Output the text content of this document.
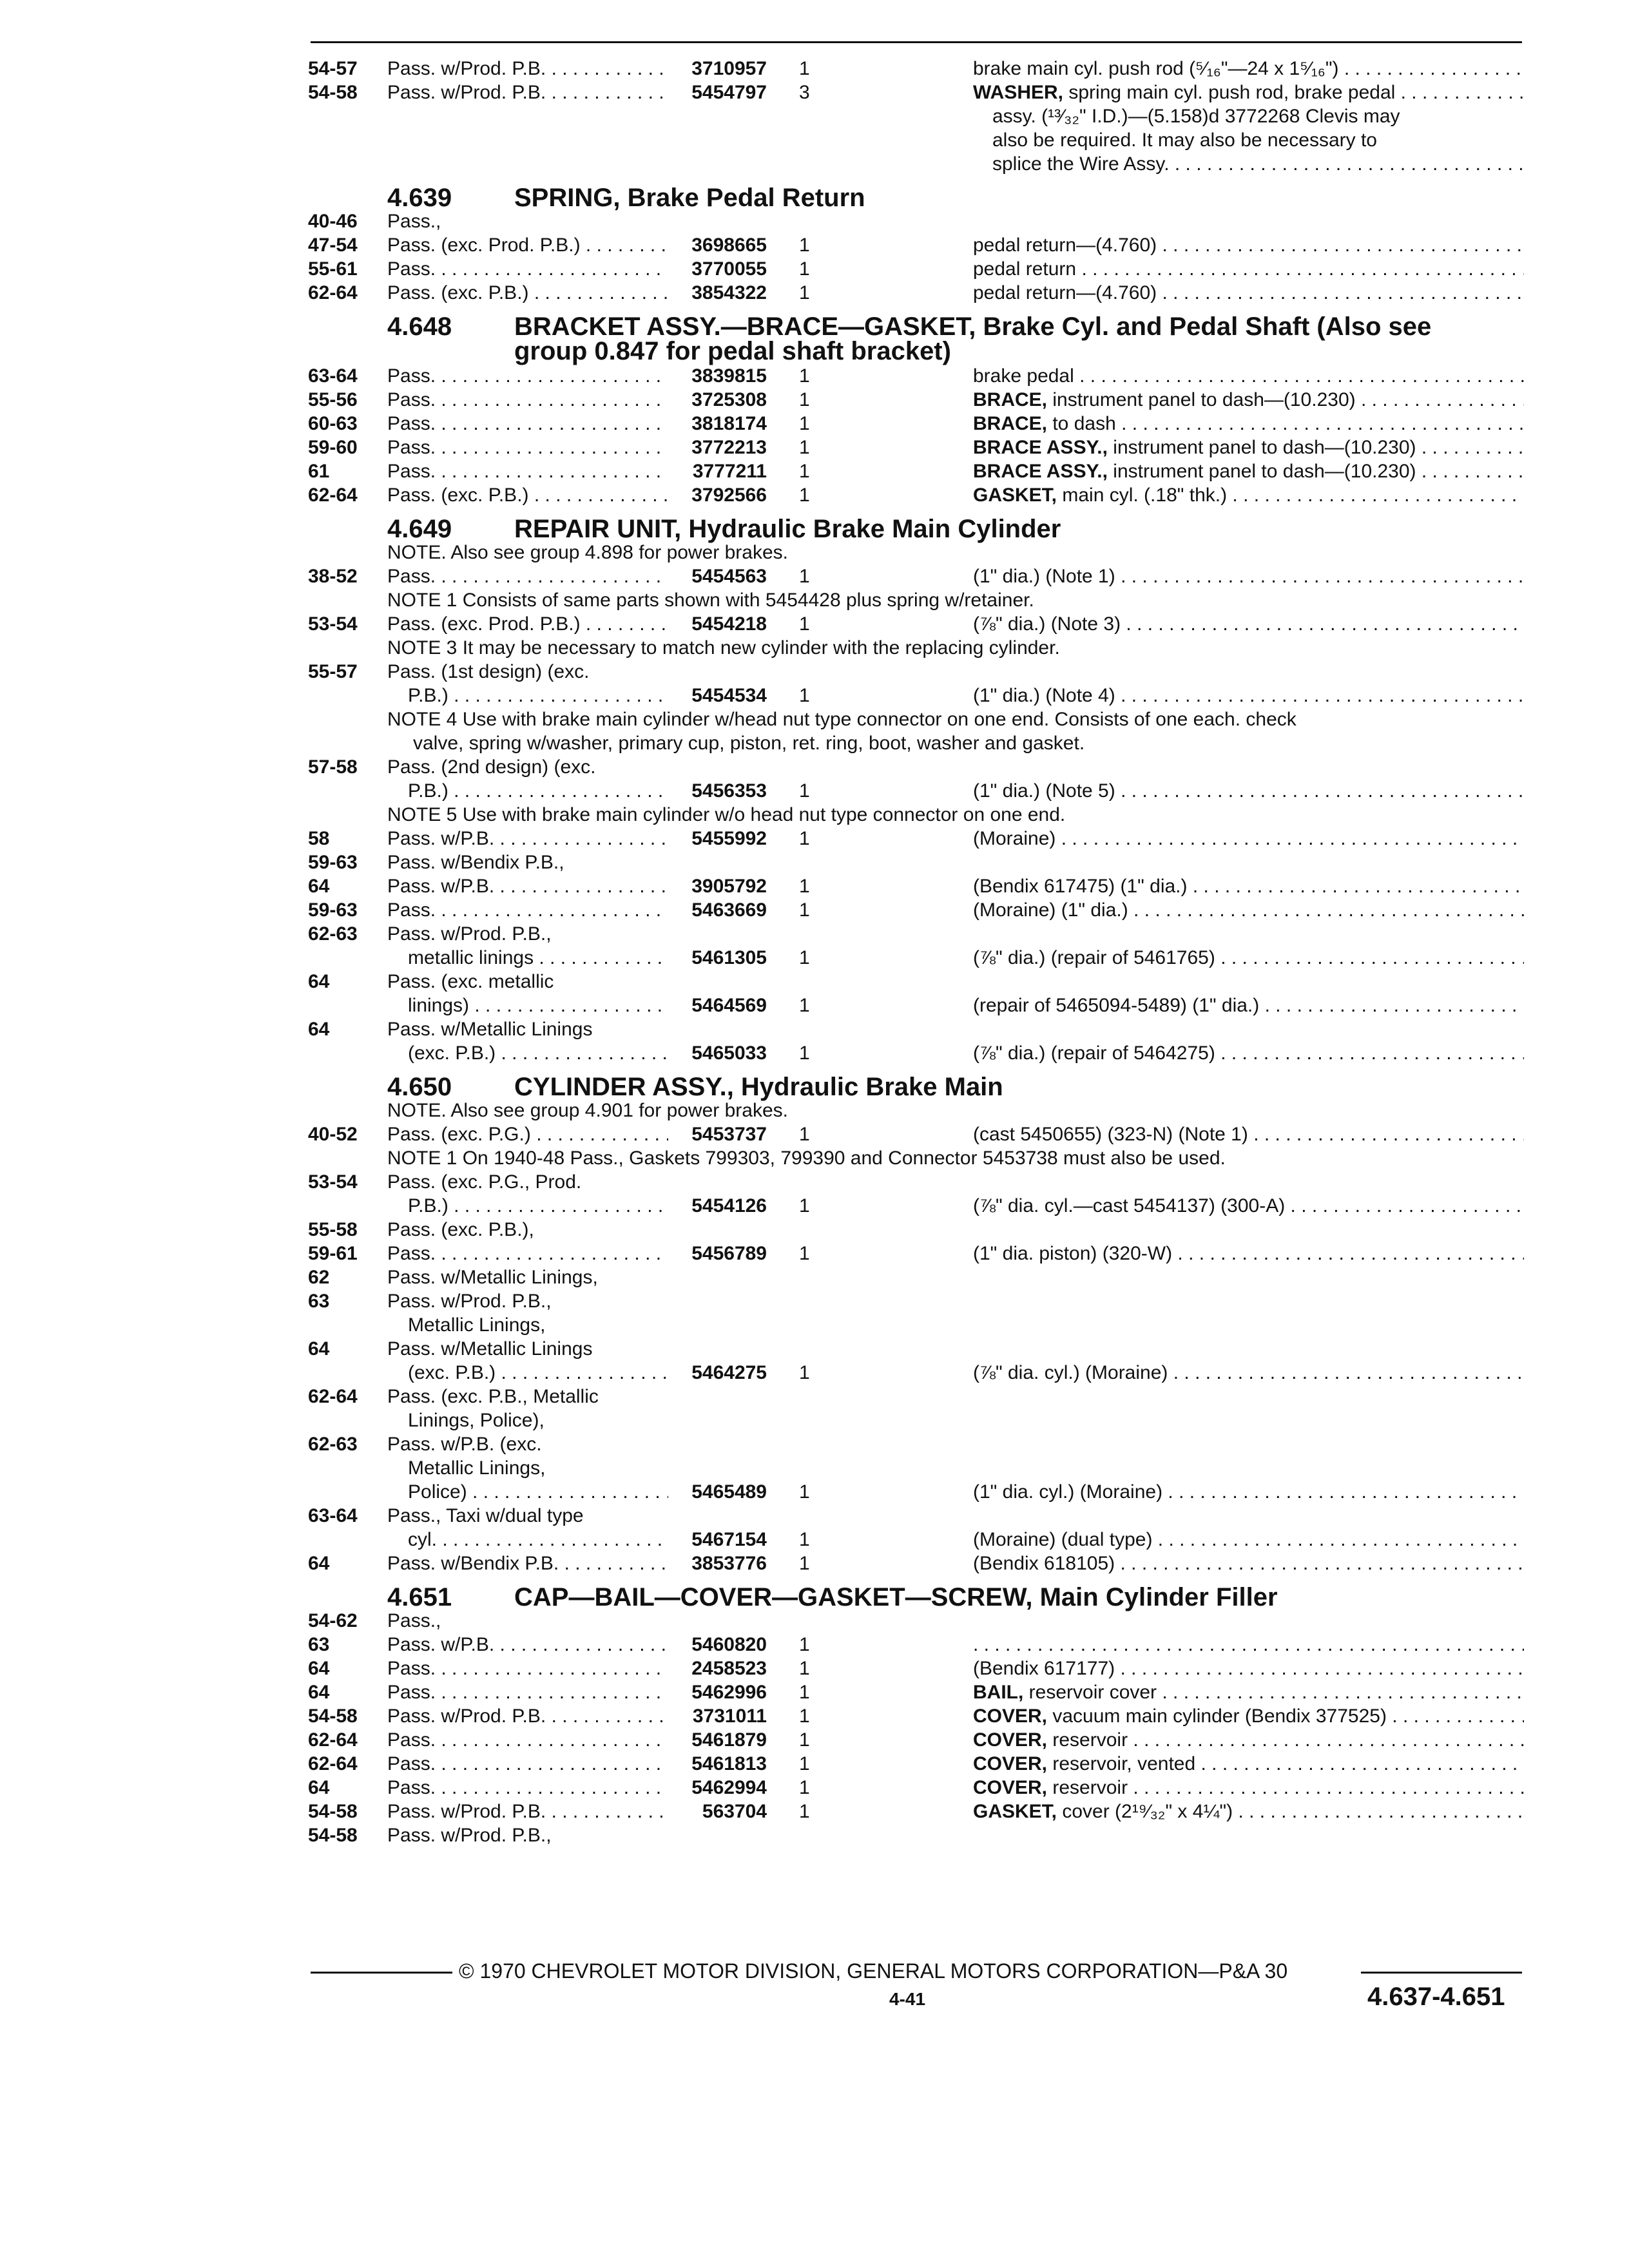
54-57 Pass. w/Prod. P.B. . . .	3710957 1	brake main cyl. push rod (⁵⁄₁₆"—24 x 1⁵⁄₁₆") . . .
54-58 Pass. w/Prod. P.B. . . .	5454797 3	WASHER, spring main cyl. push rod, brake pedal . . .
assy. (¹³⁄₃₂" I.D.)—(5.158)d 3772268 Clevis may
also be required. It may also be necessary to
splice the Wire Assy. . . .
4.639 SPRING, Brake Pedal Return
40-46 Pass.,
47-54 Pass. (exc. Prod. P.B.) . . .	3698665 1	pedal return—(4.760) . . .
55-61 Pass. . . .	3770055 1	pedal return . . .
62-64 Pass. (exc. P.B.) . . .	3854322 1	pedal return—(4.760) . . .
4.648 BRACKET ASSY.—BRACE—GASKET, Brake Cyl. and Pedal Shaft (Also see
group 0.847 for pedal shaft bracket)
63-64 Pass. . . .	3839815 1	brake pedal . . .
55-56 Pass. . . .	3725308 1	BRACE, instrument panel to dash—(10.230) . . .
60-63 Pass. . . .	3818174 1	BRACE, to dash . . .
59-60 Pass. . . .	3772213 1	BRACE ASSY., instrument panel to dash—(10.230) . . . .
61	Pass. . . .	3777211 1	BRACE ASSY., instrument panel to dash—(10.230) . . . .
62-64 Pass. (exc. P.B.) . . .	3792566 1	GASKET, main cyl. (.18" thk.) . . .
4.649 REPAIR UNIT, Hydraulic Brake Main Cylinder
NOTE. Also see group 4.898 for power brakes.
38-52 Pass. . . .	5454563 1	(1" dia.) (Note 1) . . .
NOTE 1 Consists of same parts shown with 5454428 plus spring w/retainer.
53-54 Pass. (exc. Prod. P.B.) . . .	5454218 1	(⅞" dia.) (Note 3) . . .
NOTE 3 It may be necessary to match new cylinder with the replacing cylinder.
55-57 Pass. (1st design) (exc.
P.B.) . . .	5454534 1	(1" dia.) (Note 4) . . .
NOTE 4 Use with brake main cylinder w/head nut type connector on one end. Consists of one each. check
valve, spring w/washer, primary cup, piston, ret. ring, boot, washer and gasket.
57-58 Pass. (2nd design) (exc.
P.B.) . . .	5456353 1	(1" dia.) (Note 5) . . .
NOTE 5 Use with brake main cylinder w/o head nut type connector on one end.
58	Pass. w/P.B. . . .	5455992 1	(Moraine) . . .
59-63 Pass. w/Bendix P.B.,
64	Pass. w/P.B. . . .	3905792 1	(Bendix 617475) (1" dia.) . . .
59-63 Pass. . . .	5463669 1	(Moraine) (1" dia.) . . .
62-63 Pass. w/Prod. P.B.,
metallic linings . . .	5461305 1	(⅞" dia.) (repair of 5461765) . . .
64	Pass. (exc. metallic
linings) . . .	5464569 1	(repair of 5465094-5489) (1" dia.) . . .
64	Pass. w/Metallic Linings
(exc. P.B.) . . .	5465033 1	(⅞" dia.) (repair of 5464275) . . .
4.650 CYLINDER ASSY., Hydraulic Brake Main
NOTE. Also see group 4.901 for power brakes.
40-52 Pass. (exc. P.G.) . . .	5453737 1	(cast 5450655) (323-N) (Note 1) . . .
NOTE 1 On 1940-48 Pass., Gaskets 799303, 799390 and Connector 5453738 must also be used.
53-54 Pass. (exc. P.G., Prod.
P.B.) . . .	5454126 1	(⅞" dia. cyl.—cast 5454137) (300-A) . . .
55-58 Pass. (exc. P.B.),
59-61 Pass. . . .	5456789 1	(1" dia. piston) (320-W) . . .
62	Pass. w/Metallic Linings,
63	Pass. w/Prod. P.B.,
Metallic Linings,
64	Pass. w/Metallic Linings
(exc. P.B.) . . .	5464275 1	(⅞" dia. cyl.) (Moraine) . . .
62-64 Pass. (exc. P.B., Metallic
Linings, Police),
62-63 Pass. w/P.B. (exc.
Metallic Linings,
Police) . . .	5465489 1	(1" dia. cyl.) (Moraine) . . .
63-64 Pass., Taxi w/dual type
cyl. . . .	5467154 1	(Moraine) (dual type) . . .
64	Pass. w/Bendix P.B. . . .	3853776 1	(Bendix 618105) . . .
4.651 CAP—BAIL—COVER—GASKET—SCREW, Main Cylinder Filler
54-62 Pass.,
63	Pass. w/P.B. . . .	5460820 1
. . .
64	Pass. . . .	2458523 1	(Bendix 617177) . . .
64	Pass. . . .	5462996 1	BAIL, reservoir cover . . .
54-58 Pass. w/Prod. P.B. . . .	3731011 1	COVER, vacuum main cylinder (Bendix 377525) . . .
62-64 Pass. . . .	5461879 1	COVER, reservoir . . .
62-64 Pass. . . .	5461813 1	COVER, reservoir, vented . . .
64	Pass. . . .	5462994 1	COVER, reservoir . . .
54-58 Pass. w/Prod. P.B. . . .	563704 1	GASKET, cover (2¹⁹⁄₃₂" x 4¼") . . .
54-58 Pass. w/Prod. P.B.,
© 1970 CHEVROLET MOTOR DIVISION, GENERAL MOTORS CORPORATION—P&A 30
4-41	4.637-4.651
